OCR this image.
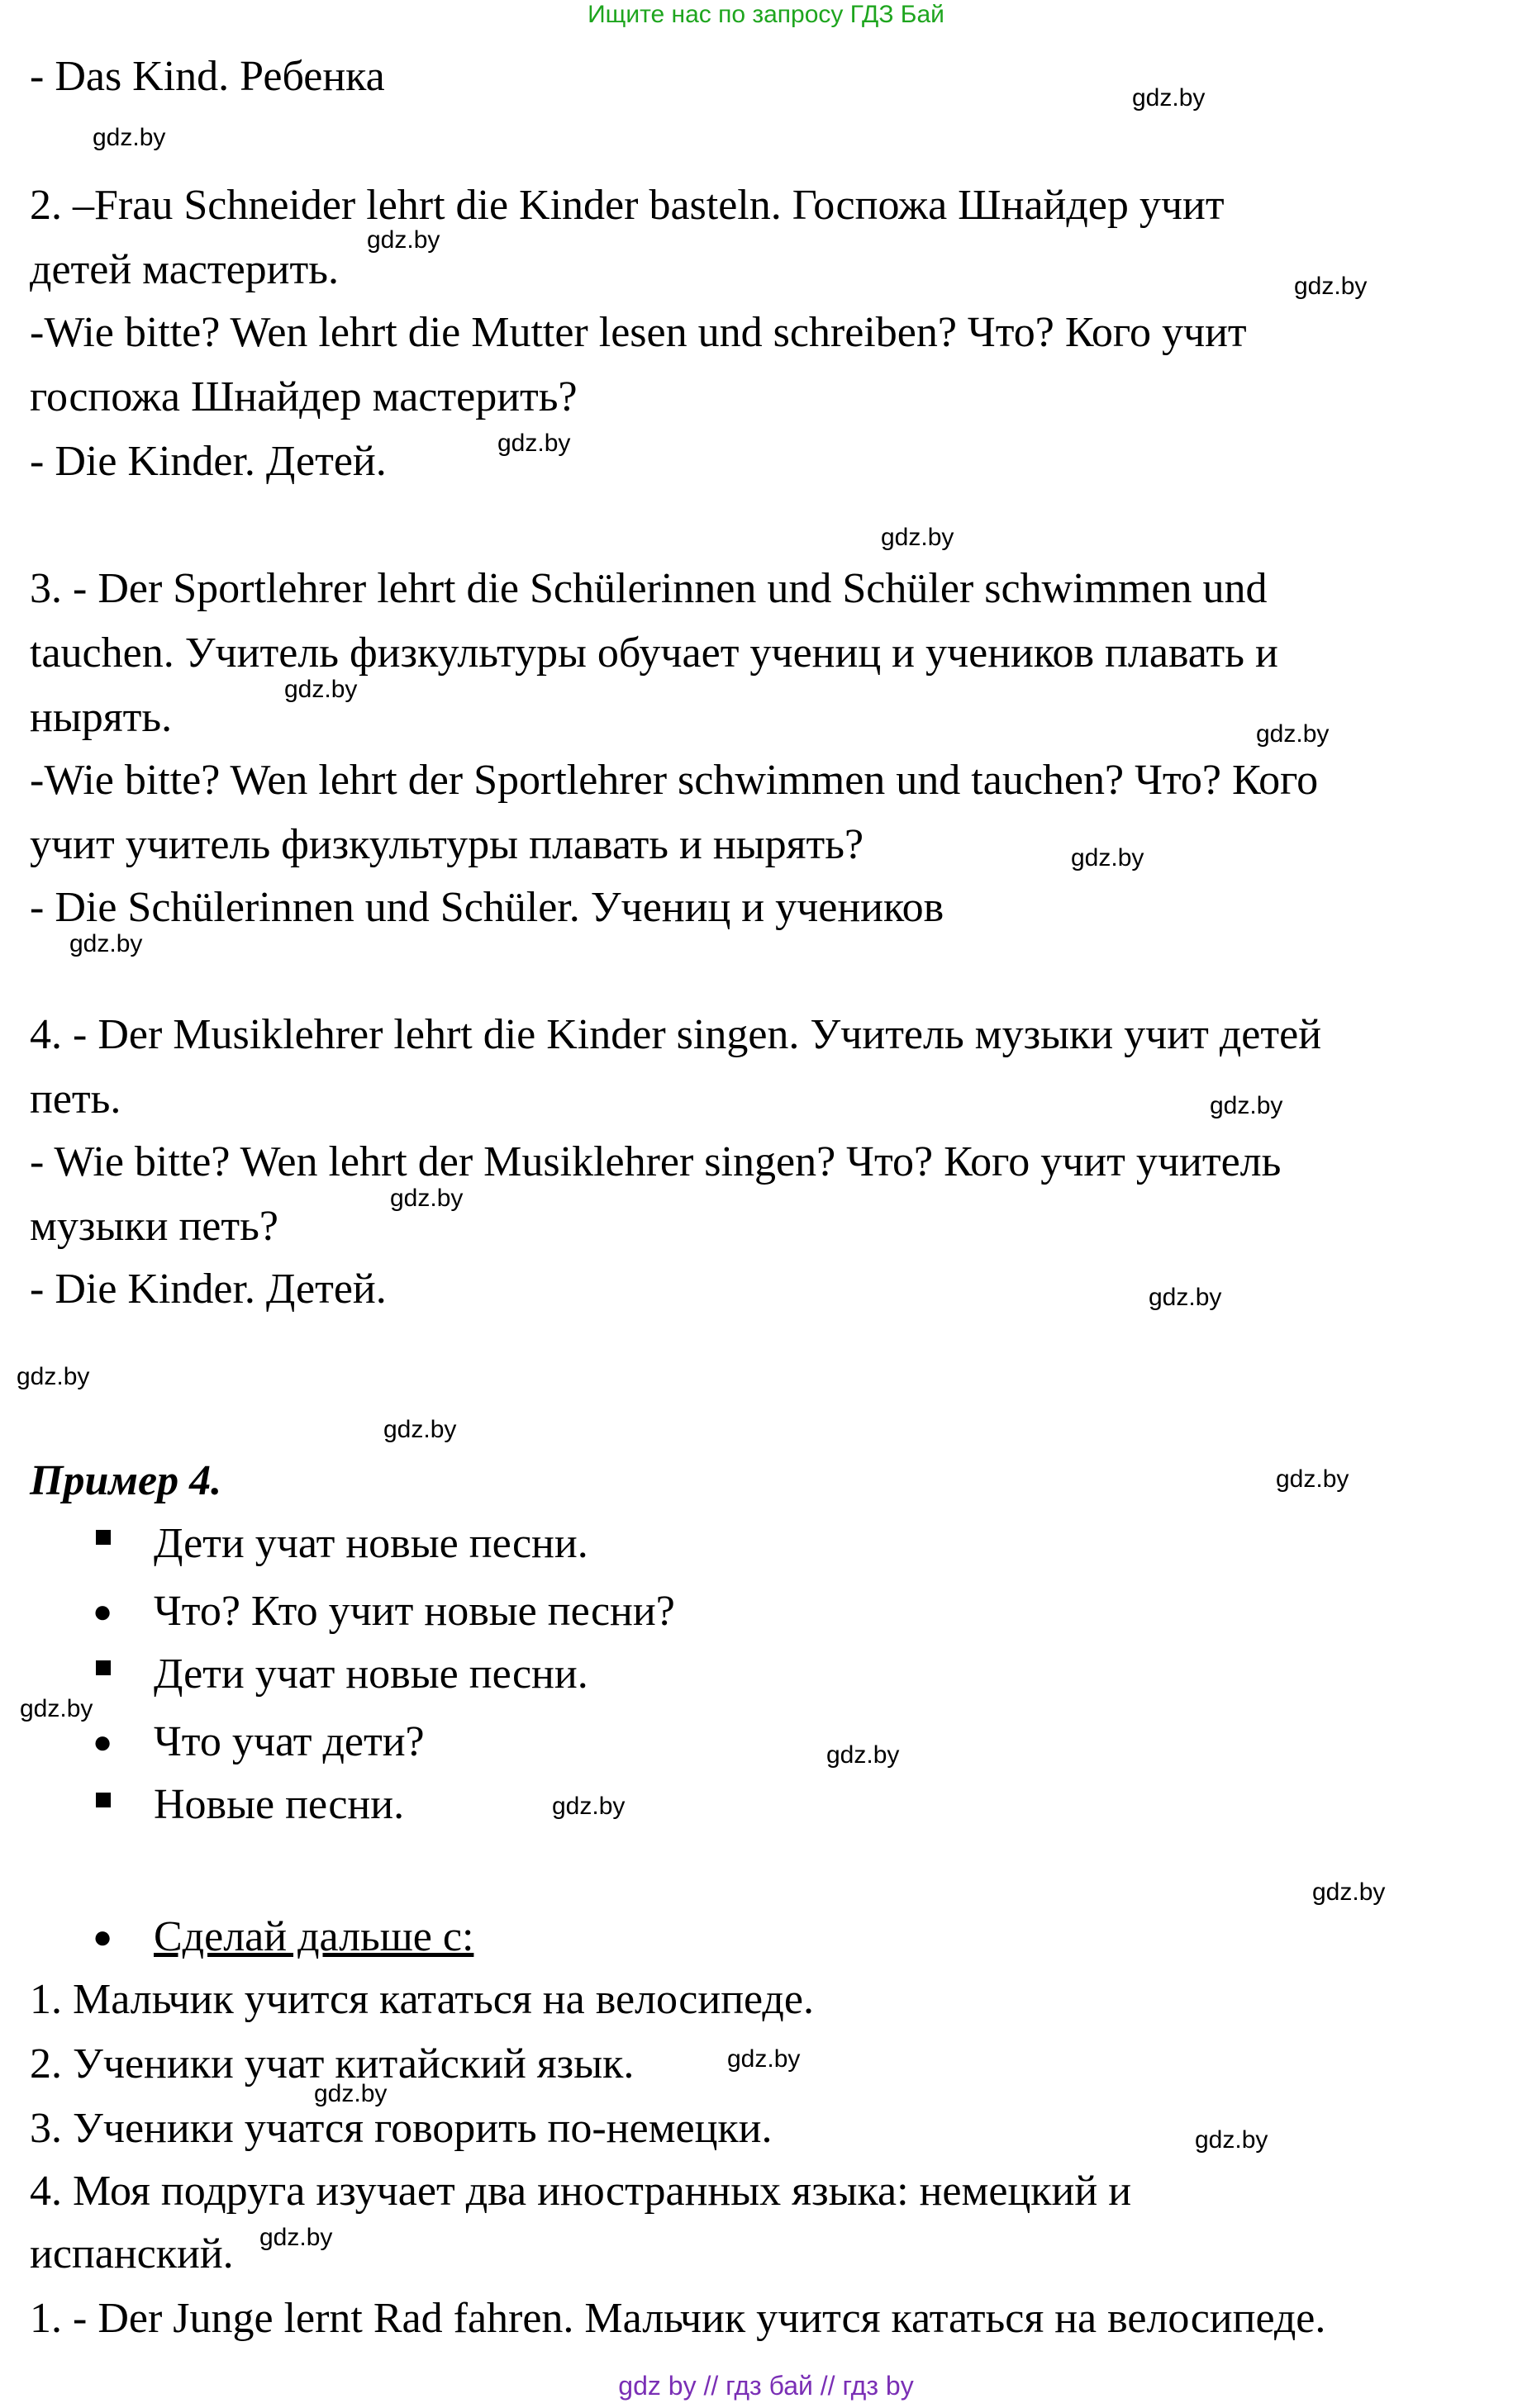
Ищите нас по запросу ГДЗ Бай
- Das Kind. Ребенка
2. –Frau Schneider lehrt die Kinder basteln. Госпожа Шнайдер учит
детей мастерить.
-Wie bitte? Wen lehrt die Mutter lesen und schreiben? Что? Кого учит
госпожа Шнайдер мастерить?
- Die Kinder. Детей.
3. - Der Sportlehrer lehrt die Schülerinnen und Schüler schwimmen und
tauchen. Учитель физкультуры обучает учениц и учеников плавать и
нырять.
-Wie bitte? Wen lehrt der Sportlehrer schwimmen und tauchen? Что? Кого
учит учитель физкультуры плавать и нырять?
- Die Schülerinnen und Schüler. Учениц и учеников
4. - Der Musiklehrer lehrt die Kinder singen. Учитель музыки учит детей
петь.
- Wie bitte? Wen lehrt der Musiklehrer singen? Что? Кого учит учитель
музыки петь?
- Die Kinder. Детей.
Пример 4.
Дети учат новые песни.
● Что? Кто учит новые песни?
Дети учат новые песни.
● Что учат дети?
Новые песни.
● Сделай дальше с:
1. Мальчик учится кататься на велосипеде.
2. Ученики учат китайский язык.
3. Ученики учатся говорить по-немецки.
4. Моя подруга изучает два иностранных языка: немецкий и
испанский.
1. - Der Junge lernt Rad fahren. Мальчик учится кататься на велосипеде.
gdz.by
gdz.by
gdz.by
gdz.by
gdz.by
gdz.by
gdz.by
gdz.by
gdz.by
gdz.by
gdz.by
gdz.by
gdz.by
gdz.by
gdz.by
gdz.by
gdz.by
gdz.by
gdz.by
gdz.by
gdz.by
gdz.by
gdz.by
gdz.by
gdz by // гдз бай // гдз by
